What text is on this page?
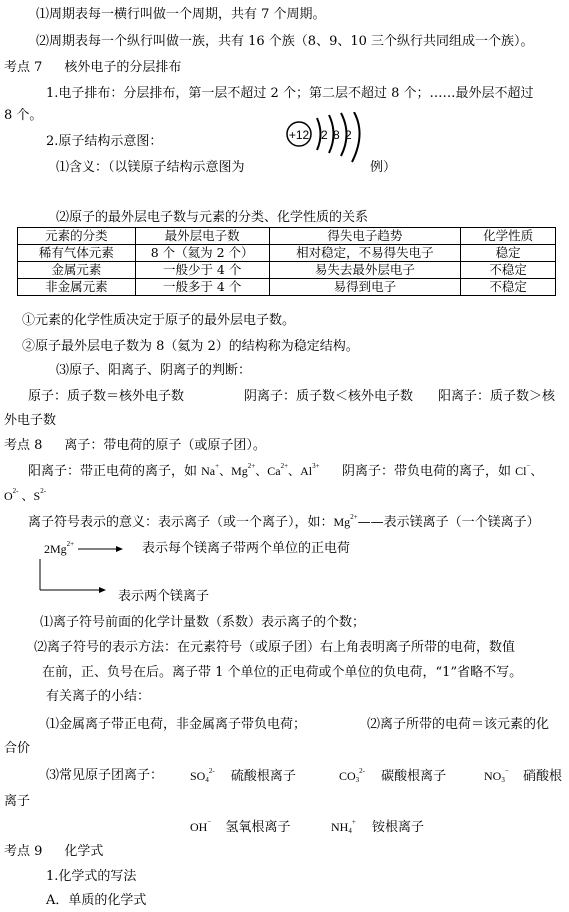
⑴周期表每一横行叫做一个周期，共有 7 个周期。
⑵周期表每一个纵行叫做一族，共有 16 个族（8、9、10 三个纵行共同组成一个族）。
考点 7 核外电子的分层排布
1.电子排布：分层排布，第一层不超过 2 个；第二层不超过 8 个；……最外层不超过
8 个。
2.原子结构示意图：	+12 2 8 2
⑴含义：（以镁原子结构示意图为	例）
⑵原子的最外层电子数与元素的分类、化学性质的关系
元素的分类	最外层电子数	得失电子趋势	化学性质
稀有气体元素	8 个（氦为 2 个）	相对稳定，不易得失电子	稳定
金属元素	一般少于 4 个	易失去最外层电子	不稳定
非金属元素	一般多于 4 个	易得到电子	不稳定
①元素的化学性质决定于原子的最外层电子数。
②原子最外层电子数为 8（氦为 2）的结构称为稳定结构。
⑶原子、阳离子、阴离子的判断：
原子：质子数＝核外电子数	阴离子：质子数＜核外电子数 阳离子：质子数＞核
外电子数
考点 8 离子：带电荷的原子（或原子团）。
阳离子：带正电荷的离子，如 Na+、$Mg^{2+}$、$Ca^{2+}$、$Al^{3+}$ 阴离子：带负电荷的离子，如 Cl−、
$O^{2-}$ 、$S^{2-}$
离子符号表示的意义：表示离子（或一个离子），如：$Mg^{2+}——$表示镁离子（一个镁离子）
$2Mg^{2+}$	表示每个镁离子带两个单位的正电荷
表示两个镁离子
⑴离子符号前面的化学计量数（系数）表示离子的个数；
⑵离子符号的表示方法：在元素符号（或原子团）右上角表明离子所带的电荷，数值
在前，正、负号在后。离子带 1 个单位的正电荷或个单位的负电荷，“1”省略不写。
有关离子的小结：
⑴金属离子带正电荷，非金属离子带负电荷；	⑵离子所带的电荷＝该元素的化
合价
⑶常见原子团离子： $SO_4^{2-}$ 硫酸根离子	$CO_3^{2-}$ 碳酸根离子	$NO_3^-$ 硝酸根
离子
OH− 氢氧根离子	$NH_4^+$ 铵根离子
考点 9 化学式
1.化学式的写法
A．单质的化学式
